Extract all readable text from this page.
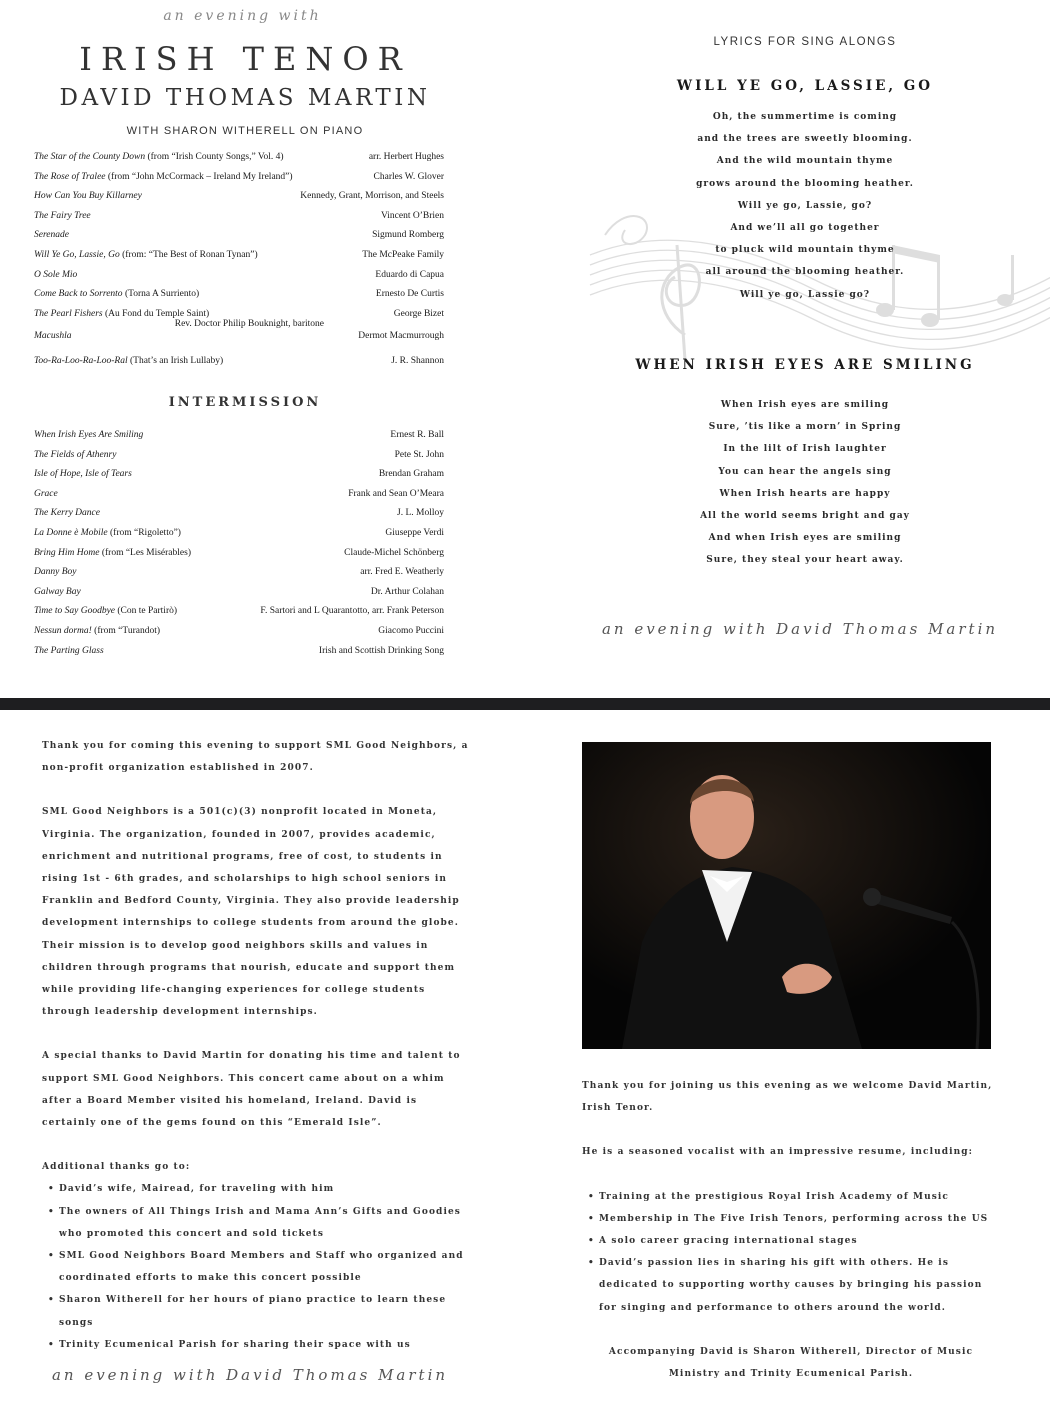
an evening with
IRISH TENOR
DAVID THOMAS MARTIN
WITH SHARON WITHERELL ON PIANO
The Star of the County Down (from “Irish County Songs,” Vol. 4)	arr. Herbert Hughes
The Rose of Tralee (from “John McCormack – Ireland My Ireland”)	Charles W. Glover
How Can You Buy Killarney	Kennedy, Grant, Morrison, and Steels
The Fairy Tree	Vincent O’Brien
Serenade	Sigmund Romberg
Will Ye Go, Lassie, Go (from: “The Best of Ronan Tynan”)	The McPeake Family
O Sole Mio	Eduardo di Capua
Come Back to Sorrento (Torna A Surriento)	Ernesto De Curtis
The Pearl Fishers (Au Fond du Temple Saint)	George Bizet
Rev. Doctor Philip Bouknight, baritone
Macushla	Dermot Macmurrough
Too-Ra-Loo-Ra-Loo-Ral (That’s an Irish Lullaby)	J. R. Shannon
INTERMISSION
When Irish Eyes Are Smiling	Ernest R. Ball
The Fields of Athenry	Pete St. John
Isle of Hope, Isle of Tears	Brendan Graham
Grace	Frank and Sean O’Meara
The Kerry Dance	J. L. Molloy
La Donne è Mobile (from “Rigoletto”)	Giuseppe Verdi
Bring Him Home (from “Les Misérables)	Claude-Michel Schönberg
Danny Boy	arr. Fred E. Weatherly
Galway Bay	Dr. Arthur Colahan
Time to Say Goodbye (Con te Partirò)	F. Sartori and L Quarantotto, arr. Frank Peterson
Nessun dorma! (from “Turandot)	Giacomo Puccini
The Parting Glass	Irish and Scottish Drinking Song
LYRICS FOR SING ALONGS
WILL YE GO, LASSIE, GO
Oh, the summertime is coming
and the trees are sweetly blooming.
And the wild mountain thyme
grows around the blooming heather.
Will ye go, Lassie, go?
And we’ll all go together
to pluck wild mountain thyme
all around the blooming heather.
Will ye go, Lassie go?
WHEN IRISH EYES ARE SMILING
When Irish eyes are smiling
Sure, ’tis like a morn’ in Spring
In the lilt of Irish laughter
You can hear the angels sing
When Irish hearts are happy
All the world seems bright and gay
And when Irish eyes are smiling
Sure, they steal your heart away.
an evening with David Thomas Martin

Thank you for coming this evening to support SML Good Neighbors, a non-profit organization established in 2007.

SML Good Neighbors is a 501(c)(3) nonprofit located in Moneta, Virginia. The organization, founded in 2007, provides academic, enrichment and nutritional programs, free of cost, to students in rising 1st - 6th grades, and scholarships to high school seniors in Franklin and Bedford County, Virginia. They also provide leadership development internships to college students from around the globe. Their mission is to develop good neighbors skills and values in children through programs that nourish, educate and support them while providing life-changing experiences for college students through leadership development internships.

A special thanks to David Martin for donating his time and talent to support SML Good Neighbors. This concert came about on a whim after a Board Member visited his homeland, Ireland. David is certainly one of the gems found on this “Emerald Isle”.

Additional thanks go to:

• David’s wife, Mairead, for traveling with him
• The owners of All Things Irish and Mama Ann’s Gifts and Goodies who promoted this concert and sold tickets
• SML Good Neighbors Board Members and Staff who organized and coordinated efforts to make this concert possible
• Sharon Witherell for her hours of piano practice to learn these songs
• Trinity Ecumenical Parish for sharing their space with us
an evening with David Thomas Martin

Thank you for joining us this evening as we welcome David Martin, Irish Tenor.

He is a seasoned vocalist with an impressive resume, including:

• Training at the prestigious Royal Irish Academy of Music
• Membership in The Five Irish Tenors, performing across the US
• A solo career gracing international stages
• David’s passion lies in sharing his gift with others. He is dedicated to supporting worthy causes by bringing his passion for singing and performance to others around the world.

Accompanying David is Sharon Witherell, Director of Music Ministry and Trinity Ecumenical Parish.
